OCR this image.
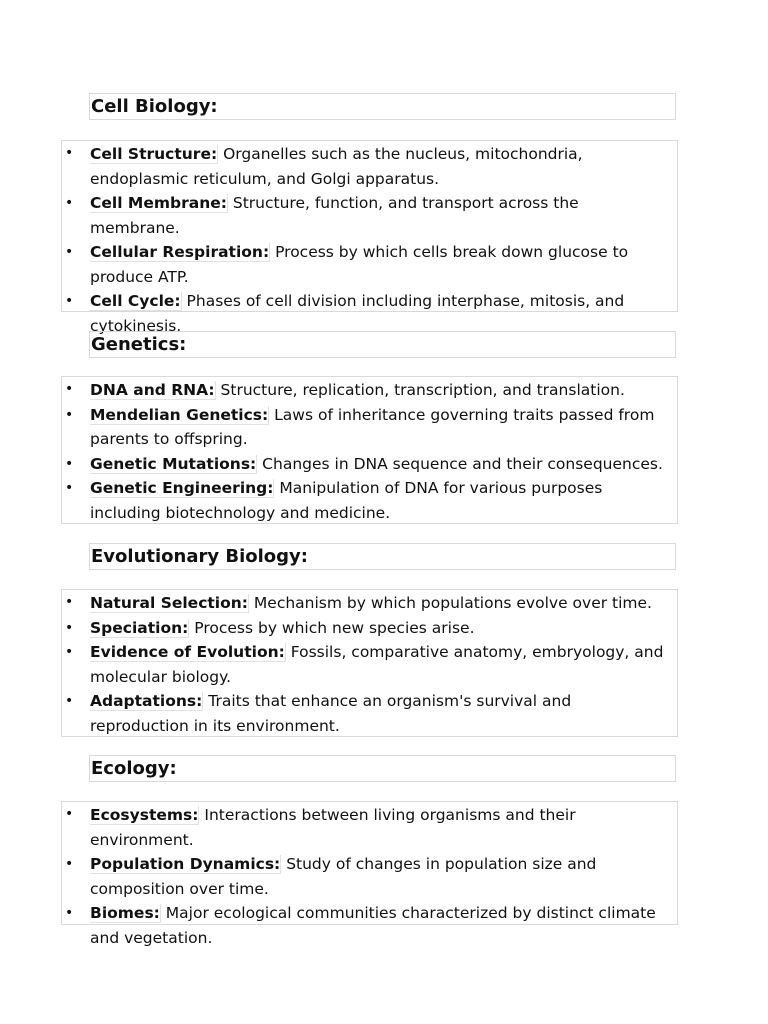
Cell Biology:
• Cell Structure: Organelles such as the nucleus, mitochondria, endoplasmic reticulum, and Golgi apparatus.
• Cell Membrane: Structure, function, and transport across the membrane.
• Cellular Respiration: Process by which cells break down glucose to produce ATP.
• Cell Cycle: Phases of cell division including interphase, mitosis, and cytokinesis.
Genetics:
• DNA and RNA: Structure, replication, transcription, and translation.
• Mendelian Genetics: Laws of inheritance governing traits passed from parents to offspring.
• Genetic Mutations: Changes in DNA sequence and their consequences.
• Genetic Engineering: Manipulation of DNA for various purposes including biotechnology and medicine.
Evolutionary Biology:
• Natural Selection: Mechanism by which populations evolve over time.
• Speciation: Process by which new species arise.
• Evidence of Evolution: Fossils, comparative anatomy, embryology, and molecular biology.
• Adaptations: Traits that enhance an organism's survival and reproduction in its environment.
Ecology:
• Ecosystems: Interactions between living organisms and their environment.
• Population Dynamics: Study of changes in population size and composition over time.
• Biomes: Major ecological communities characterized by distinct climate and vegetation.
